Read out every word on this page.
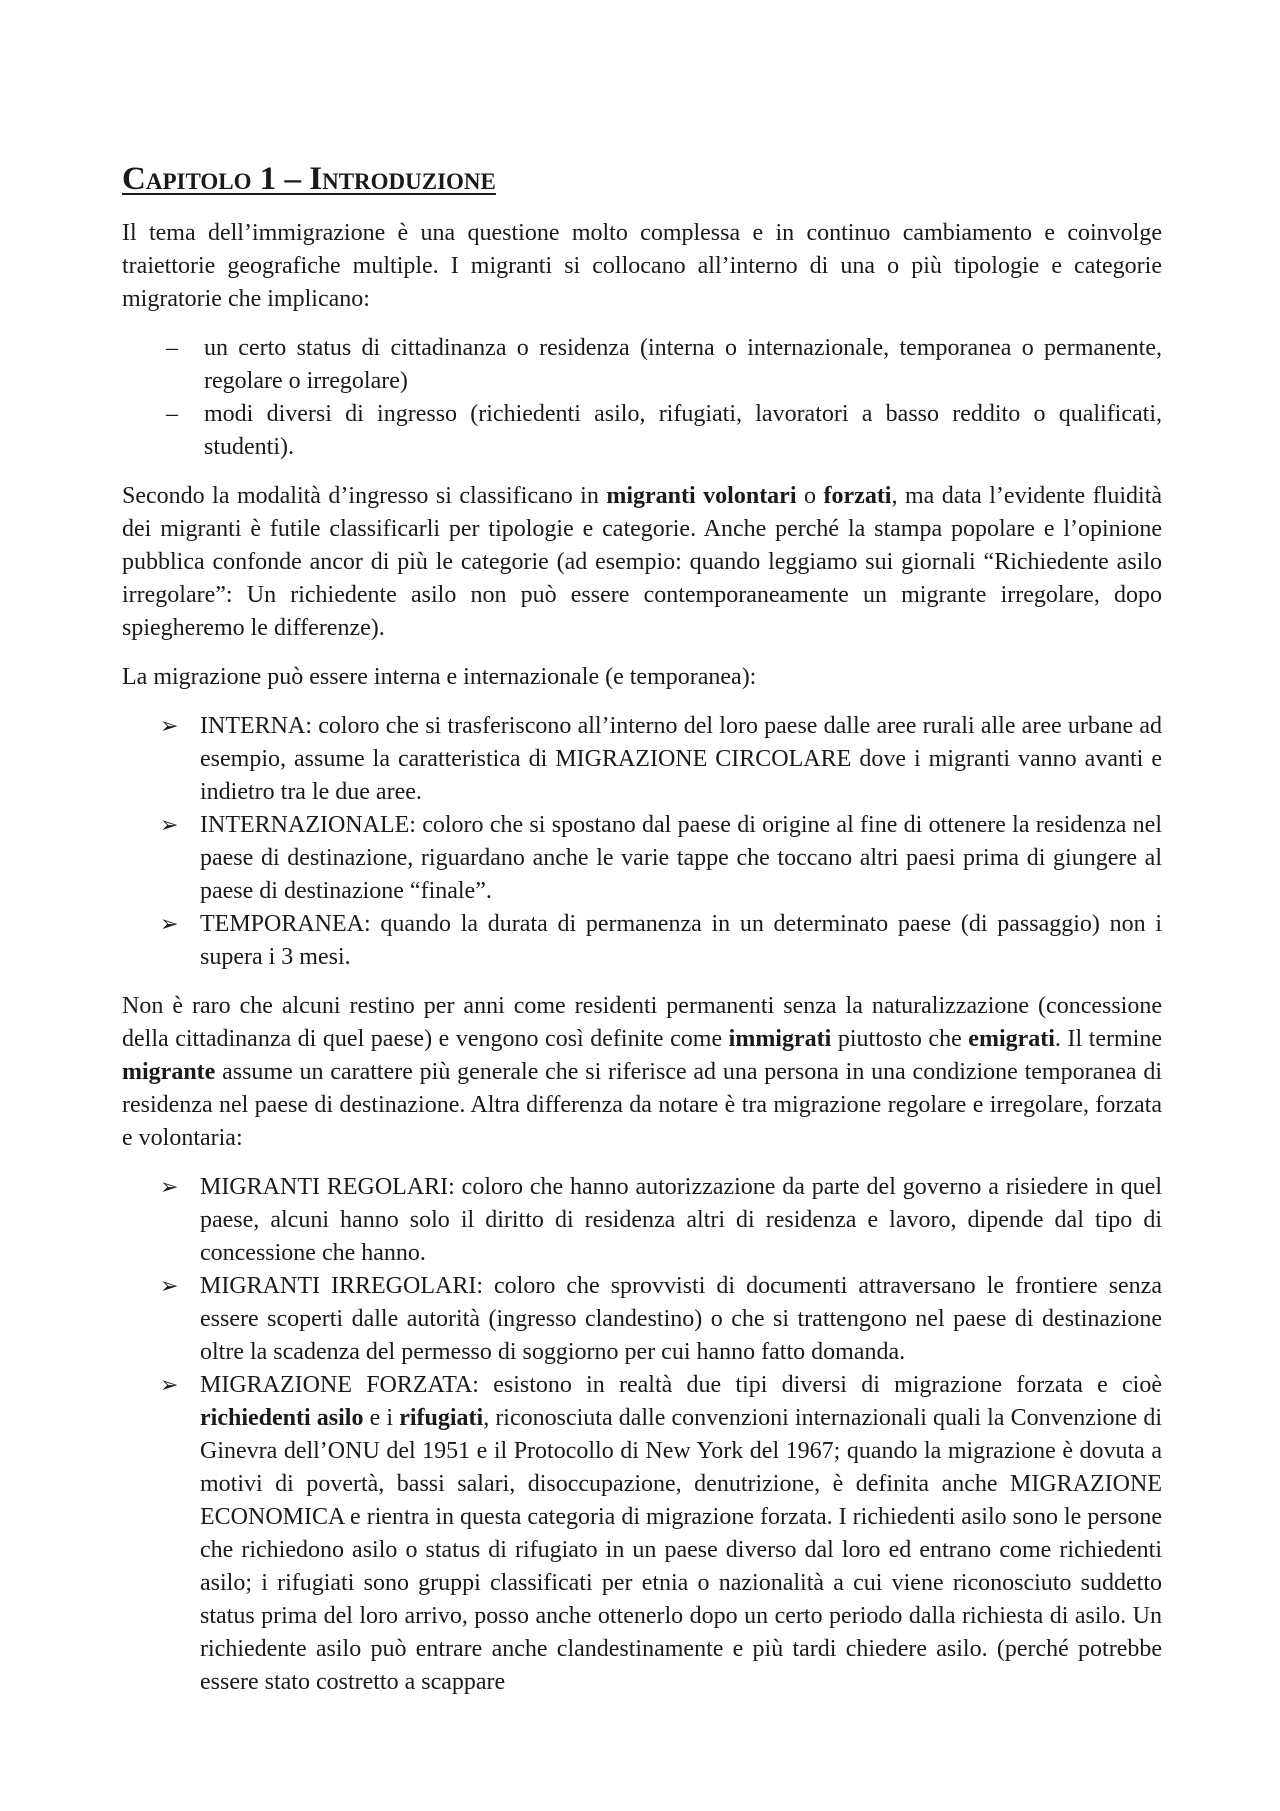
Capitolo 1 – Introduzione

Il tema dell’immigrazione è una questione molto complessa e in continuo cambiamento e coinvolge traiettorie geografiche multiple. I migranti si collocano all’interno di una o più tipologie e categorie migratorie che implicano:

– un certo status di cittadinanza o residenza (interna o internazionale, temporanea o permanente, regolare o irregolare)
– modi diversi di ingresso (richiedenti asilo, rifugiati, lavoratori a basso reddito o qualificati, studenti).

Secondo la modalità d’ingresso si classificano in migranti volontari o forzati, ma data l’evidente fluidità dei migranti è futile classificarli per tipologie e categorie. Anche perché la stampa popolare e l’opinione pubblica confonde ancor di più le categorie (ad esempio: quando leggiamo sui giornali “Richiedente asilo irregolare”: Un richiedente asilo non può essere contemporaneamente un migrante irregolare, dopo spiegheremo le differenze).

La migrazione può essere interna e internazionale (e temporanea):

➢ INTERNA: coloro che si trasferiscono all’interno del loro paese dalle aree rurali alle aree urbane ad esempio, assume la caratteristica di MIGRAZIONE CIRCOLARE dove i migranti vanno avanti e indietro tra le due aree.
➢ INTERNAZIONALE: coloro che si spostano dal paese di origine al fine di ottenere la residenza nel paese di destinazione, riguardano anche le varie tappe che toccano altri paesi prima di giungere al paese di destinazione “finale”.
➢ TEMPORANEA: quando la durata di permanenza in un determinato paese (di passaggio) non i supera i 3 mesi.

Non è raro che alcuni restino per anni come residenti permanenti senza la naturalizzazione (concessione della cittadinanza di quel paese) e vengono così definite come immigrati piuttosto che emigrati. Il termine migrante assume un carattere più generale che si riferisce ad una persona in una condizione temporanea di residenza nel paese di destinazione. Altra differenza da notare è tra migrazione regolare e irregolare, forzata e volontaria:

➢ MIGRANTI REGOLARI: coloro che hanno autorizzazione da parte del governo a risiedere in quel paese, alcuni hanno solo il diritto di residenza altri di residenza e lavoro, dipende dal tipo di concessione che hanno.
➢ MIGRANTI IRREGOLARI: coloro che sprovvisti di documenti attraversano le frontiere senza essere scoperti dalle autorità (ingresso clandestino) o che si trattengono nel paese di destinazione oltre la scadenza del permesso di soggiorno per cui hanno fatto domanda.
➢ MIGRAZIONE FORZATA: esistono in realtà due tipi diversi di migrazione forzata e cioè richiedenti asilo e i rifugiati, riconosciuta dalle convenzioni internazionali quali la Convenzione di Ginevra dell’ONU del 1951 e il Protocollo di New York del 1967; quando la migrazione è dovuta a motivi di povertà, bassi salari, disoccupazione, denutrizione, è definita anche MIGRAZIONE ECONOMICA e rientra in questa categoria di migrazione forzata. I richiedenti asilo sono le persone che richiedono asilo o status di rifugiato in un paese diverso dal loro ed entrano come richiedenti asilo; i rifugiati sono gruppi classificati per etnia o nazionalità a cui viene riconosciuto suddetto status prima del loro arrivo, posso anche ottenerlo dopo un certo periodo dalla richiesta di asilo. Un richiedente asilo può entrare anche clandestinamente e più tardi chiedere asilo. (perché potrebbe essere stato costretto a scappare
